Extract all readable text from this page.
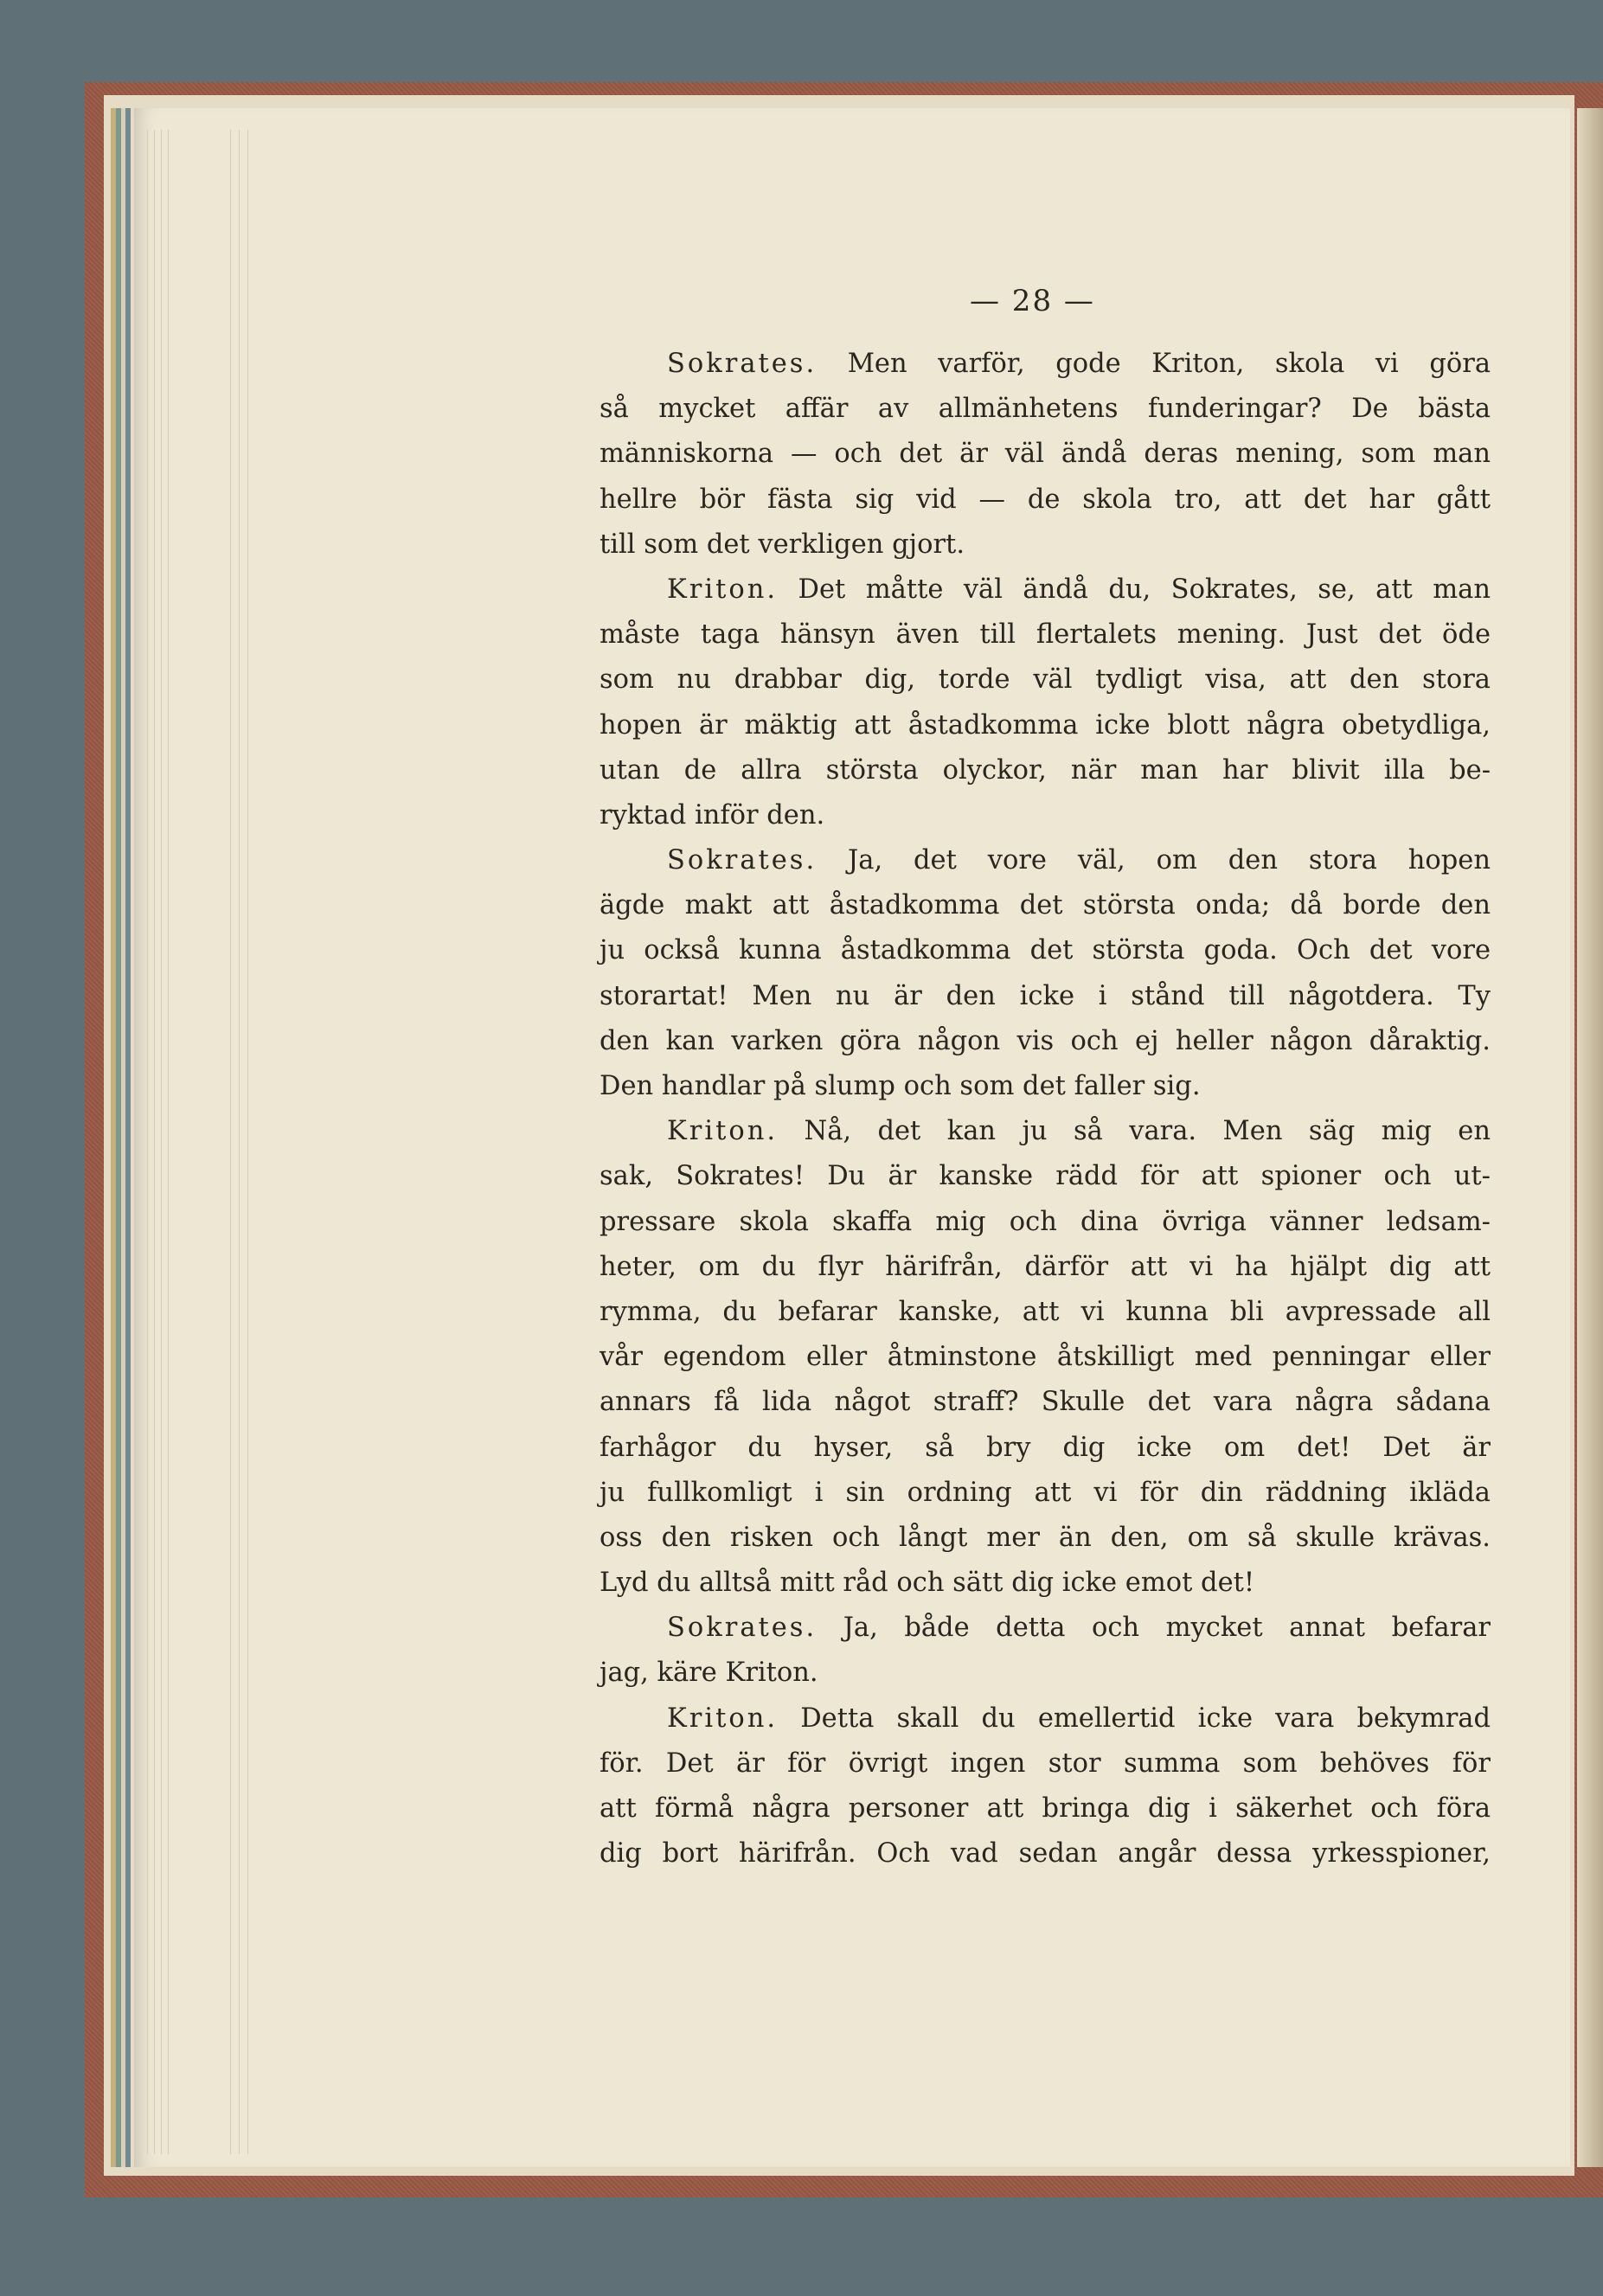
— 28 —
Sokrates. Men varför, gode Kriton, skola vi göra
så mycket affär av allmänhetens funderingar? De bästa
människorna — och det är väl ändå deras mening, som man
hellre bör fästa sig vid — de skola tro, att det har gått
till som det verkligen gjort.
Kriton. Det måtte väl ändå du, Sokrates, se, att man
måste taga hänsyn även till flertalets mening. Just det öde
som nu drabbar dig, torde väl tydligt visa, att den stora
hopen är mäktig att åstadkomma icke blott några obetydliga,
utan de allra största olyckor, när man har blivit illa be-
ryktad inför den.
Sokrates. Ja, det vore väl, om den stora hopen
ägde makt att åstadkomma det största onda; då borde den
ju också kunna åstadkomma det största goda. Och det vore
storartat! Men nu är den icke i stånd till någotdera. Ty
den kan varken göra någon vis och ej heller någon dåraktig.
Den handlar på slump och som det faller sig.
Kriton. Nå, det kan ju så vara. Men säg mig en
sak, Sokrates! Du är kanske rädd för att spioner och ut-
pressare skola skaffa mig och dina övriga vänner ledsam-
heter, om du flyr härifrån, därför att vi ha hjälpt dig att
rymma, du befarar kanske, att vi kunna bli avpressade all
vår egendom eller åtminstone åtskilligt med penningar eller
annars få lida något straff? Skulle det vara några sådana
farhågor du hyser, så bry dig icke om det! Det är
ju fullkomligt i sin ordning att vi för din räddning ikläda
oss den risken och långt mer än den, om så skulle krävas.
Lyd du alltså mitt råd och sätt dig icke emot det!
Sokrates. Ja, både detta och mycket annat befarar
jag, käre Kriton.
Kriton. Detta skall du emellertid icke vara bekymrad
för. Det är för övrigt ingen stor summa som behöves för
att förmå några personer att bringa dig i säkerhet och föra
dig bort härifrån. Och vad sedan angår dessa yrkesspioner,
